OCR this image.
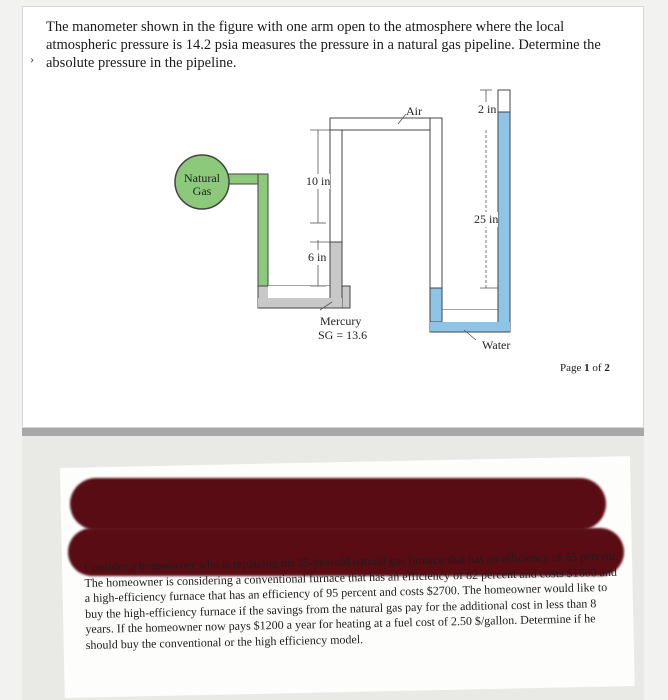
›
The manometer shown in the figure with one arm open to the atmosphere where the local atmospheric pressure is 14.2 psia measures the pressure in a natural gas pipeline. Determine the absolute pressure in the pipeline.
Natural
Gas
Air	2 in
10 in
25 in
6 in
Mercury
SG = 13.6
Water
Page 1 of 2
Consider a homeowner who is replacing his 25-yearold natural gas furnace that has an efficiency of 55 percent. The homeowner is considering a conventional furnace that has an efficiency of 82 percent and costs $1600 and a high-efficiency furnace that has an efficiency of 95 percent and costs $2700. The homeowner would like to buy the high-efficiency furnace if the savings from the natural gas pay for the additional cost in less than 8 years. If the homeowner now pays $1200 a year for heating at a fuel cost of 2.50 $/gallon. Determine if he should buy the conventional or the high efficiency model.
